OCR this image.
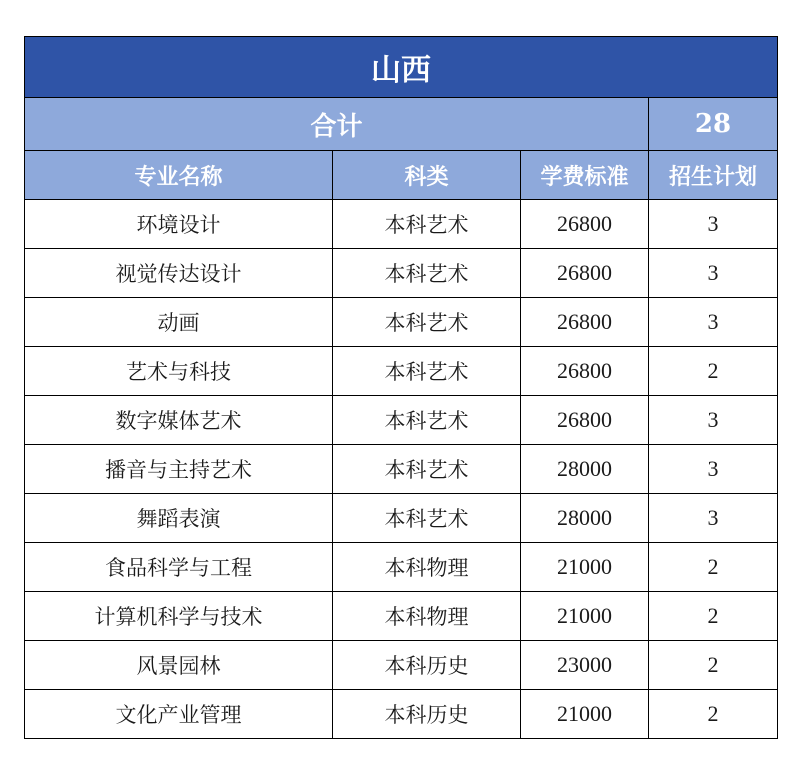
山西			
合计			28
专业名称	科类	学费标准	招生计划
环境设计	本科艺术	26800	3
视觉传达设计	本科艺术	26800	3
动画	本科艺术	26800	3
艺术与科技	本科艺术	26800	2
数字媒体艺术	本科艺术	26800	3
播音与主持艺术	本科艺术	28000	3
舞蹈表演	本科艺术	28000	3
食品科学与工程	本科物理	21000	2
计算机科学与技术	本科物理	21000	2
风景园林	本科历史	23000	2
文化产业管理	本科历史	21000	2
